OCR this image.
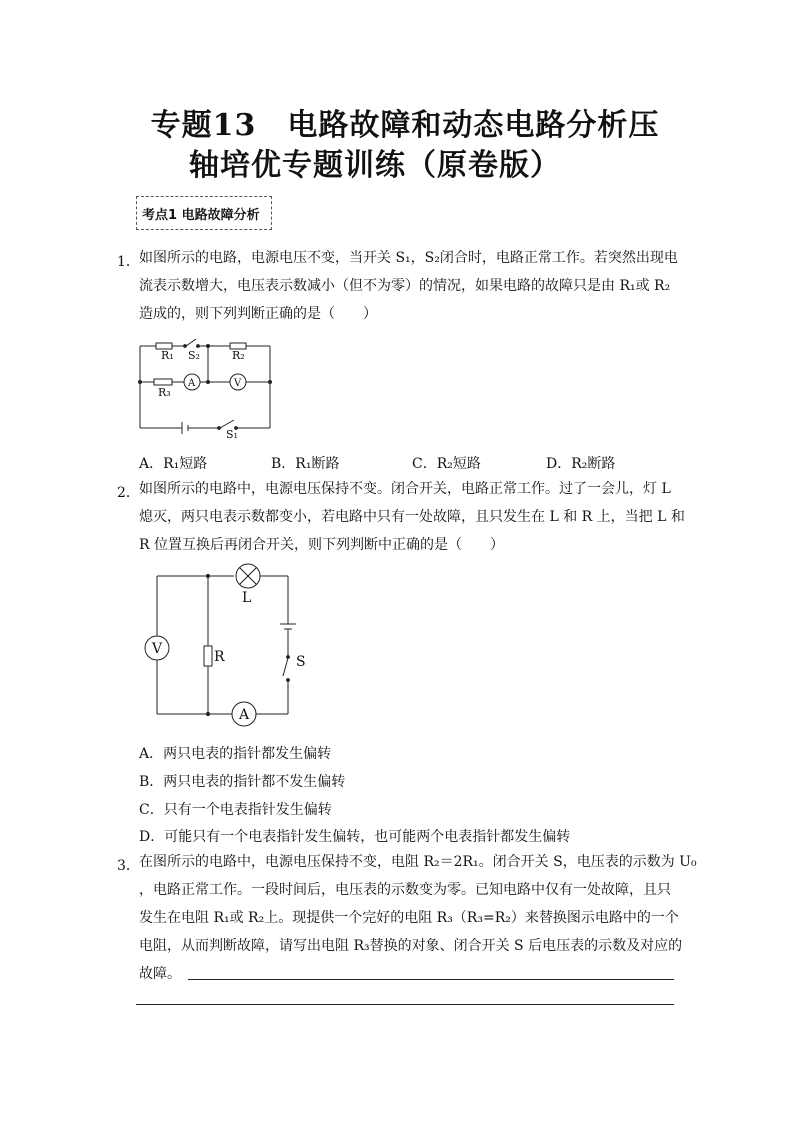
专题13　电路故障和动态电路分析压
轴培优专题训练（原卷版）
考点1 电路故障分析
1． 如图所示的电路，电源电压不变，当开关 S₁，S₂闭合时，电路正常工作。若突然出现电
流表示数增大，电压表示数减小（但不为零）的情况，如果电路的故障只是由 R₁或 R₂
造成的，则下列判断正确的是（　　）
R₁ S₂	R₂
A	V
R₃
S₁
A．R₁短路	B．R₁断路	C．R₂短路	D．R₂断路
2． 如图所示的电路中，电源电压保持不变。闭合开关，电路正常工作。过了一会儿，灯 L
熄灭，两只电表示数都变小，若电路中只有一处故障，且只发生在 L 和 R 上，当把 L 和
R 位置互换后再闭合开关，则下列判断中正确的是（　　）
L
V	R	S
A
A．两只电表的指针都发生偏转
B．两只电表的指针都不发生偏转
C．只有一个电表指针发生偏转
D．可能只有一个电表指针发生偏转，也可能两个电表指针都发生偏转
3． 在图所示的电路中，电源电压保持不变，电阻 R₂＝2R₁。闭合开关 S，电压表的示数为 U₀
，电路正常工作。一段时间后，电压表的示数变为零。已知电路中仅有一处故障，且只
发生在电阻 R₁或 R₂上。现提供一个完好的电阻 R₃（R₃=R₂）来替换图示电路中的一个
电阻，从而判断故障，请写出电阻 R₃替换的对象、闭合开关 S 后电压表的示数及对应的
故障。
